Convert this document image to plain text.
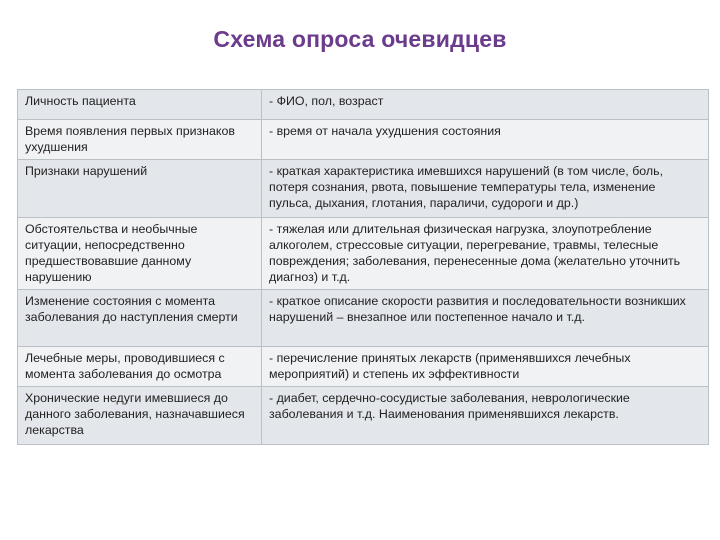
Схема опроса очевидцев
Личность пациента	- ФИО, пол, возраст
Время появления первых признаков ухудшения	- время от начала ухудшения состояния
Признаки нарушений	- краткая характеристика имевшихся нарушений (в том числе, боль, потеря сознания, рвота, повышение температуры тела, изменение пульса, дыхания, глотания, параличи, судороги и др.)
Обстоятельства и необычные ситуации, непосредственно предшествовавшие данному нарушению	- тяжелая или длительная физическая нагрузка, злоупотребление алкоголем, стрессовые ситуации, перегревание, травмы, телесные повреждения; заболевания, перенесенные дома (желательно уточнить диагноз) и т.д.
Изменение состояния с момента заболевания до наступления смерти	- краткое описание скорости развития и последовательности возникших нарушений – внезапное или постепенное начало и т.д.
Лечебные меры, проводившиеся с момента заболевания до осмотра	- перечисление принятых лекарств (применявшихся лечебных мероприятий) и степень их эффективности
Хронические недуги имевшиеся до данного заболевания, назначавшиеся лекарства	- диабет, сердечно-сосудистые заболевания, неврологические заболевания и т.д. Наименования применявшихся лекарств.
